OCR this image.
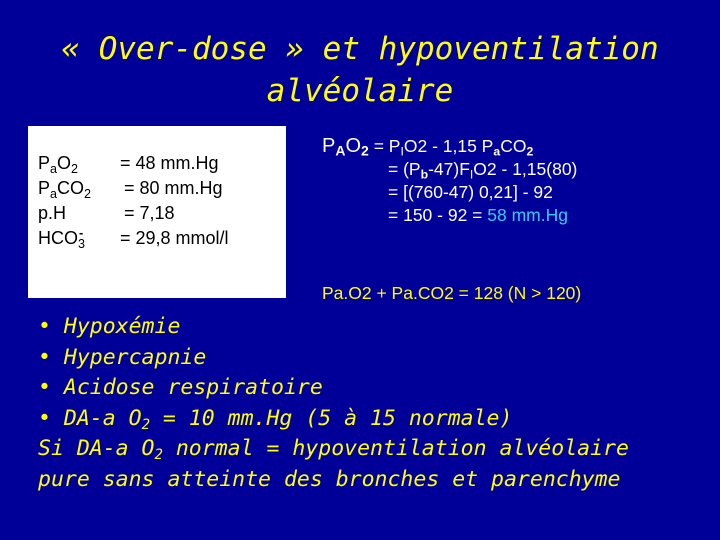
« Over-dose » et hypoventilation
alvéolaire
$P_aO_2 = 48$ mm.Hg
$P_aCO_2 = 80$ mm.Hg
p.H	= 7,18
$HCO_3^- = 29,8$ mmol/l
$P_AO_2 = P_IO2 - 1,15$ $P_aCO_2$
= $(P_b-47)F_IO2 - 1,15(80)$
= [(760-47) 0,21] - 92
= 150 - 92 = 58 mm.Hg
Pa.O2 + Pa.CO2 = 128 (N > 120)
• Hypoxémie
• Hypercapnie
• Acidose respiratoire
• DA-a $O_2 = 10$ mm.Hg (5 à 15 normale)
Si DA-a $O_2$ normal = hypoventilation alvéolaire
pure sans atteinte des bronches et parenchyme
